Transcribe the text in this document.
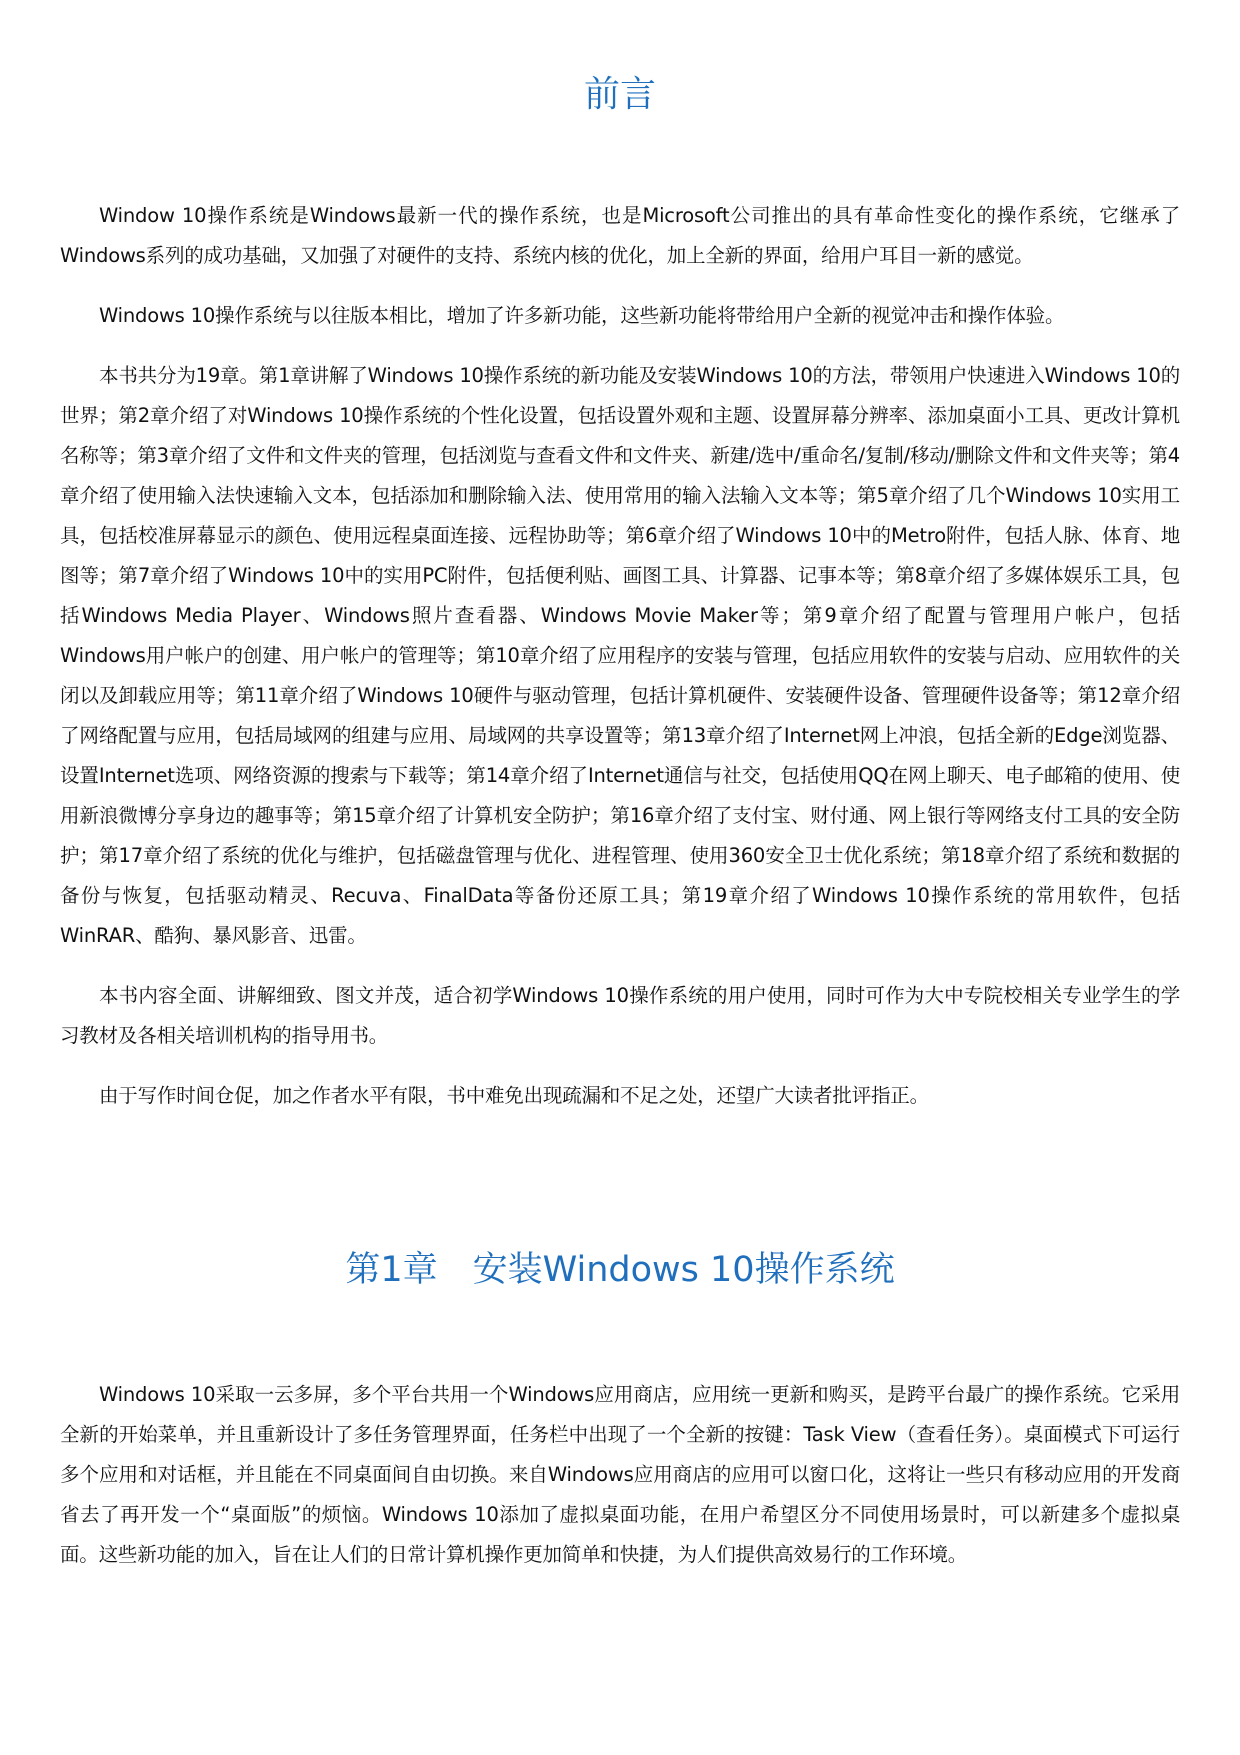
前言

Window 10操作系统是Windows最新一代的操作系统，也是Microsoft公司推出的具有革命性变化的操作系统，它继承了Windows系列的成功基础，又加强了对硬件的支持、系统内核的优化，加上全新的界面，给用户耳目一新的感觉。

Windows 10操作系统与以往版本相比，增加了许多新功能，这些新功能将带给用户全新的视觉冲击和操作体验。

本书共分为19章。第1章讲解了Windows 10操作系统的新功能及安装Windows 10的方法，带领用户快速进入Windows 10的世界；第2章介绍了对Windows 10操作系统的个性化设置，包括设置外观和主题、设置屏幕分辨率、添加桌面小工具、更改计算机名称等；第3章介绍了文件和文件夹的管理，包括浏览与查看文件和文件夹、新建/选中/重命名/复制/移动/删除文件和文件夹等；第4章介绍了使用输入法快速输入文本，包括添加和删除输入法、使用常用的输入法输入文本等；第5章介绍了几个Windows 10实用工具，包括校准屏幕显示的颜色、使用远程桌面连接、远程协助等；第6章介绍了Windows 10中的Metro附件，包括人脉、体育、地图等；第7章介绍了Windows 10中的实用PC附件，包括便利贴、画图工具、计算器、记事本等；第8章介绍了多媒体娱乐工具，包括Windows Media Player、Windows照片查看器、Windows Movie Maker等；第9章介绍了配置与管理用户帐户，包括Windows用户帐户的创建、用户帐户的管理等；第10章介绍了应用程序的安装与管理，包括应用软件的安装与启动、应用软件的关闭以及卸载应用等；第11章介绍了Windows 10硬件与驱动管理，包括计算机硬件、安装硬件设备、管理硬件设备等；第12章介绍了网络配置与应用，包括局域网的组建与应用、局域网的共享设置等；第13章介绍了Internet网上冲浪，包括全新的Edge浏览器、设置Internet选项、网络资源的搜索与下载等；第14章介绍了Internet通信与社交，包括使用QQ在网上聊天、电子邮箱的使用、使用新浪微博分享身边的趣事等；第15章介绍了计算机安全防护；第16章介绍了支付宝、财付通、网上银行等网络支付工具的安全防护；第17章介绍了系统的优化与维护，包括磁盘管理与优化、进程管理、使用360安全卫士优化系统；第18章介绍了系统和数据的备份与恢复，包括驱动精灵、Recuva、FinalData等备份还原工具；第19章介绍了Windows 10操作系统的常用软件，包括WinRAR、酷狗、暴风影音、迅雷。

本书内容全面、讲解细致、图文并茂，适合初学Windows 10操作系统的用户使用，同时可作为大中专院校相关专业学生的学习教材及各相关培训机构的指导用书。

由于写作时间仓促，加之作者水平有限，书中难免出现疏漏和不足之处，还望广大读者批评指正。

第1章　安装Windows 10操作系统

Windows 10采取一云多屏，多个平台共用一个Windows应用商店，应用统一更新和购买，是跨平台最广的操作系统。它采用全新的开始菜单，并且重新设计了多任务管理界面，任务栏中出现了一个全新的按键：Task View（查看任务）。桌面模式下可运行多个应用和对话框，并且能在不同桌面间自由切换。来自Windows应用商店的应用可以窗口化，这将让一些只有移动应用的开发商省去了再开发一个“桌面版”的烦恼。Windows 10添加了虚拟桌面功能，在用户希望区分不同使用场景时，可以新建多个虚拟桌面。这些新功能的加入，旨在让人们的日常计算机操作更加简单和快捷，为人们提供高效易行的工作环境。
